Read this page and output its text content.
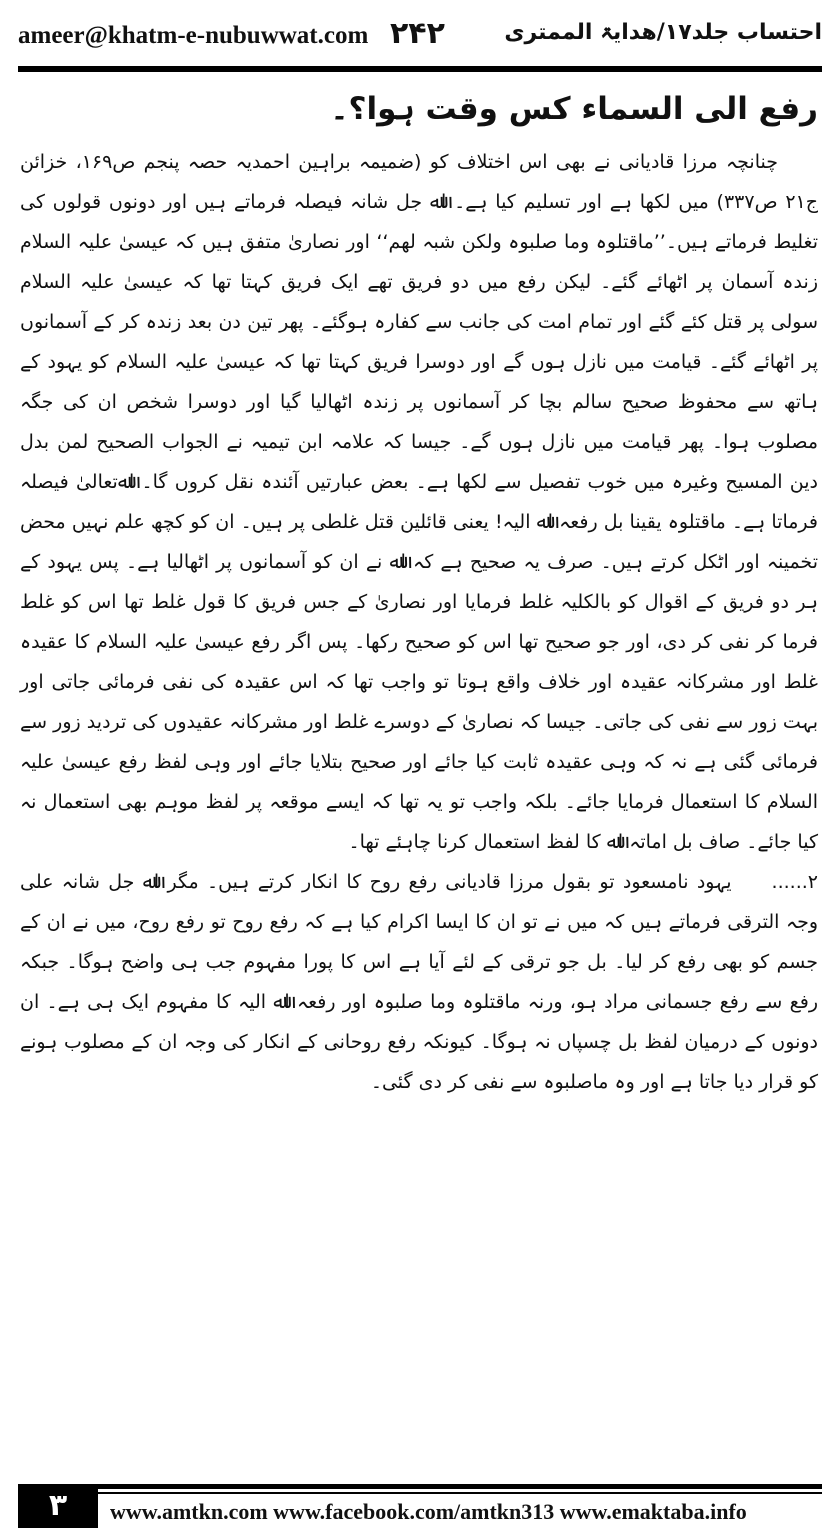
ameer@khatm-e-nubuwwat.com ۲۴۲	احتساب جلد۱۷/ھدایۃ الممتری
رفع الی السماء کس وقت ہوا؟۔

چنانچہ مرزا قادیانی نے بھی اس اختلاف کو (ضمیمہ براہین احمدیہ حصہ پنجم ص۱۶۹، خزائن ج۲۱ ص۳۳۷) میں لکھا ہے اور تسلیم کیا ہے۔ اﷲ جل شانہ فیصلہ فرماتے ہیں اور دونوں قولوں کی تغلیط فرماتے ہیں۔’’ماقتلوہ وما صلبوہ ولکن شبہ لھم‘‘ اور نصاریٰ متفق ہیں کہ عیسیٰ علیہ السلام زندہ آسمان پر اٹھائے گئے۔ لیکن رفع میں دو فریق تھے ایک فریق کہتا تھا کہ عیسیٰ علیہ السلام سولی پر قتل کئے گئے اور تمام امت کی جانب سے کفارہ ہوگئے۔ پھر تین دن بعد زندہ کر کے آسمانوں پر اٹھائے گئے۔ قیامت میں نازل ہوں گے اور دوسرا فریق کہتا تھا کہ عیسیٰ علیہ السلام کو یہود کے ہاتھ سے محفوظ صحیح سالم بچا کر آسمانوں پر زندہ اٹھالیا گیا اور دوسرا شخص ان کی جگہ مصلوب ہوا۔ پھر قیامت میں نازل ہوں گے۔ جیسا کہ علامہ ابن تیمیہ نے الجواب الصحیح لمن بدل دین المسیح وغیرہ میں خوب تفصیل سے لکھا ہے۔ بعض عبارتیں آئندہ نقل کروں گا۔ اﷲتعالیٰ فیصلہ فرماتا ہے۔ ماقتلوہ یقینا بل رفعہ اﷲ الیہ! یعنی قائلین قتل غلطی پر ہیں۔ ان کو کچھ علم نہیں محض تخمینہ اور اٹکل کرتے ہیں۔ صرف یہ صحیح ہے کہ اﷲ نے ان کو آسمانوں پر اٹھالیا ہے۔ پس یہود کے ہر دو فریق کے اقوال کو بالکلیہ غلط فرمایا اور نصاریٰ کے جس فریق کا قول غلط تھا اس کو غلط فرما کر نفی کر دی، اور جو صحیح تھا اس کو صحیح رکھا۔ پس اگر رفع عیسیٰ علیہ السلام کا عقیدہ غلط اور مشرکانہ عقیدہ اور خلاف واقع ہوتا تو واجب تھا کہ اس عقیدہ کی نفی فرمائی جاتی اور بہت زور سے نفی کی جاتی۔ جیسا کہ نصاریٰ کے دوسرے غلط اور مشرکانہ عقیدوں کی تردید زور سے فرمائی گئی ہے نہ کہ وہی عقیدہ ثابت کیا جائے اور صحیح بتلایا جائے اور وہی لفظ رفع عیسیٰ علیہ السلام کا استعمال فرمایا جائے۔ بلکہ واجب تو یہ تھا کہ ایسے موقعہ پر لفظ موہم بھی استعمال نہ کیا جائے۔ صاف بل اماتہ اﷲ کا لفظ استعمال کرنا چاہئے تھا۔

۲......یہود نامسعود تو بقول مرزا قادیانی رفع روح کا انکار کرتے ہیں۔ مگر اﷲ جل شانہ علی وجہ الترقی فرماتے ہیں کہ میں نے تو ان کا ایسا اکرام کیا ہے کہ رفع روح تو رفع روح، میں نے ان کے جسم کو بھی رفع کر لیا۔ بل جو ترقی کے لئے آیا ہے اس کا پورا مفہوم جب ہی واضح ہوگا۔ جبکہ رفع سے رفع جسمانی مراد ہو، ورنہ ماقتلوہ وما صلبوہ اور رفعہ اﷲ الیہ کا مفہوم ایک ہی ہے۔ ان دونوں کے درمیان لفظ بل چسپاں نہ ہوگا۔ کیونکہ رفع روحانی کے انکار کی وجہ ان کے مصلوب ہونے کو قرار دیا جاتا ہے اور وہ ماصلبوہ سے نفی کر دی گئی۔

۳	www.amtkn.com www.facebook.com/amtkn313 www.emaktaba.info
